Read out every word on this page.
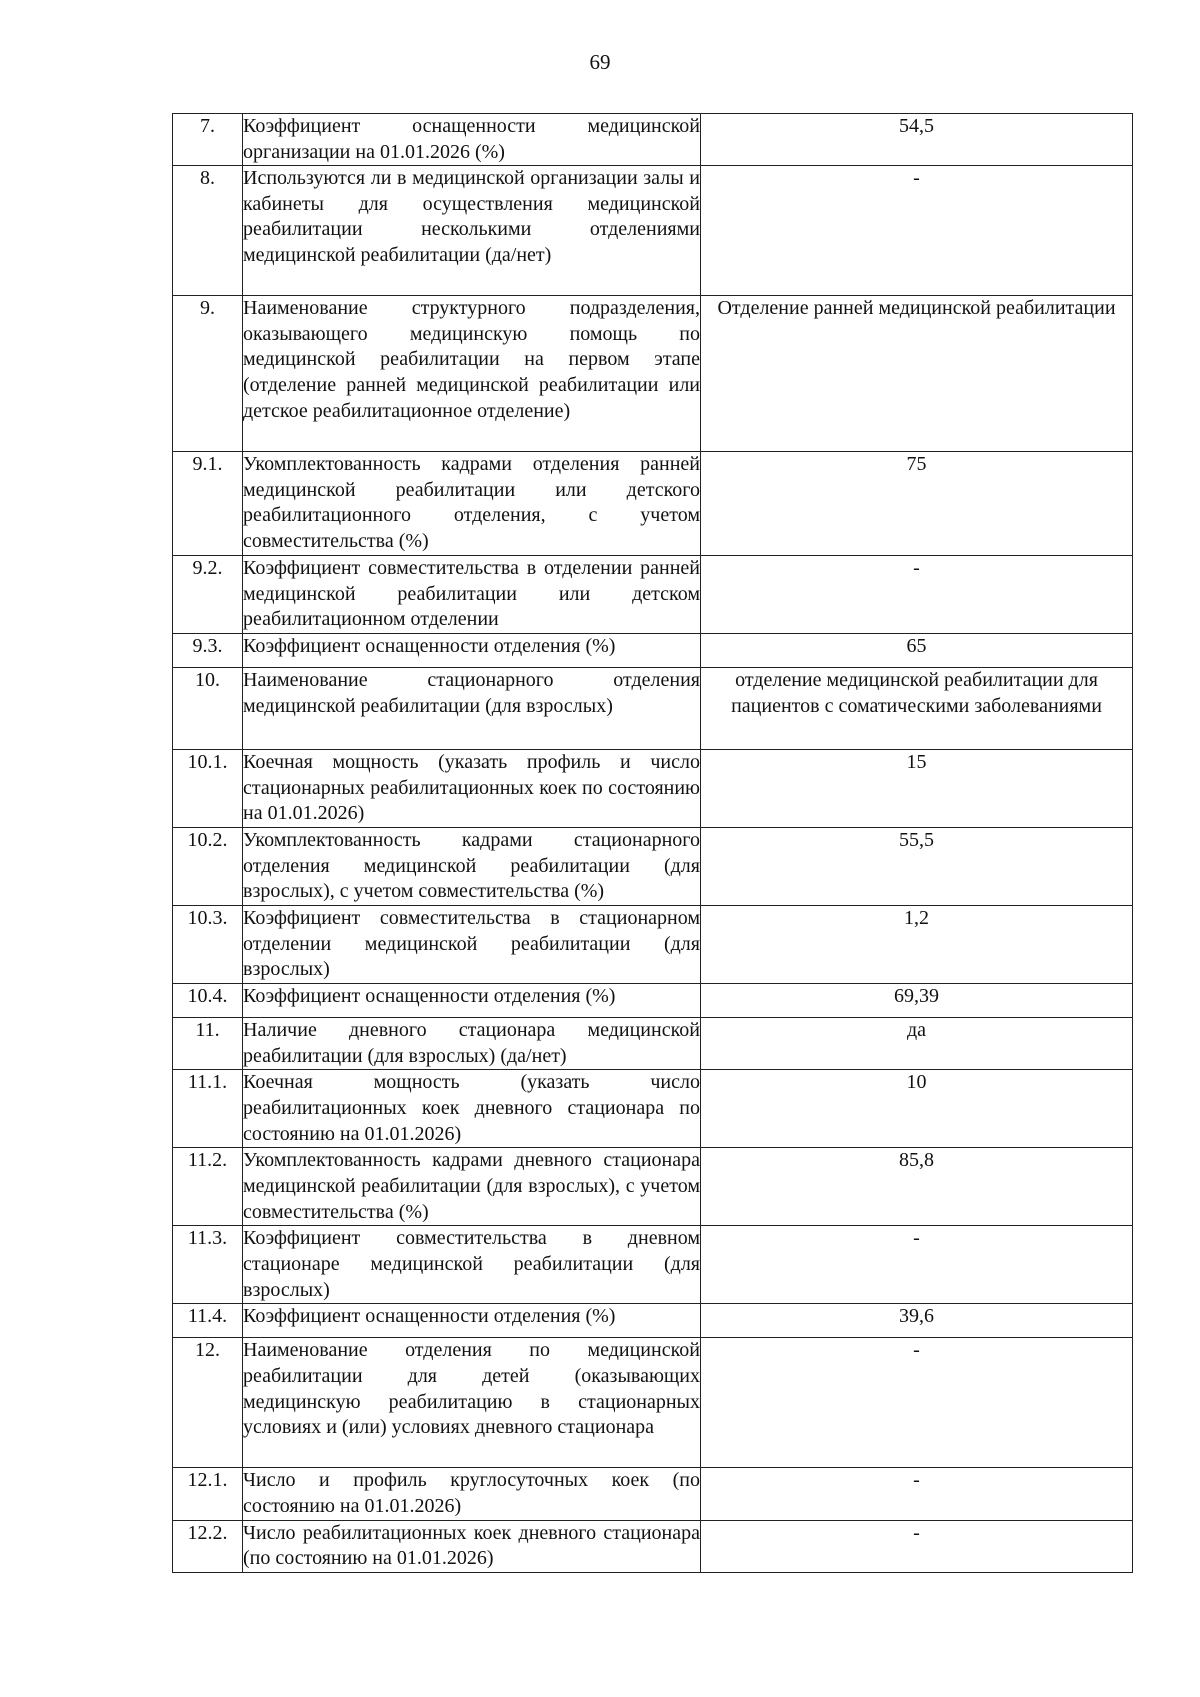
69
7.	Коэффициент оснащенности медицинской организации на 01.01.2026 (%)	54,5
8.	Используются ли в медицинской организации залы и кабинеты для осуществления медицинской реабилитации несколькими отделениями медицинской реабилитации (да/нет)	-
9.	Наименование структурного подразделения, оказывающего медицинскую помощь по медицинской реабилитации на первом этапе (отделение ранней медицинской реабилитации или детское реабилитационное отделение)	Отделение ранней медицинской реабилитации
9.1.	Укомплектованность кадрами отделения ранней медицинской реабилитации или детского реабилитационного отделения, с учетом совместительства (%)	75
9.2.	Коэффициент совместительства в отделении ранней медицинской реабилитации или детском реабилитационном отделении	-
9.3.	Коэффициент оснащенности отделения (%)	65
10.	Наименование стационарного отделения медицинской реабилитации (для взрослых)	отделение медицинской реабилитации для пациентов с соматическими заболеваниями
10.1.	Коечная мощность (указать профиль и число стационарных реабилитационных коек по состоянию на 01.01.2026)	15
10.2.	Укомплектованность кадрами стационарного отделения медицинской реабилитации (для взрослых), с учетом совместительства (%)	55,5
10.3.	Коэффициент совместительства в стационарном отделении медицинской реабилитации (для взрослых)	1,2
10.4.	Коэффициент оснащенности отделения (%)	69,39
11.	Наличие дневного стационара медицинской реабилитации (для взрослых) (да/нет)	да
11.1.	Коечная мощность (указать число реабилитационных коек дневного стационара по состоянию на 01.01.2026)	10
11.2.	Укомплектованность кадрами дневного стационара медицинской реабилитации (для взрослых), с учетом совместительства (%)	85,8
11.3.	Коэффициент совместительства в дневном стационаре медицинской реабилитации (для взрослых)	-
11.4.	Коэффициент оснащенности отделения (%)	39,6
12.	Наименование отделения по медицинской реабилитации для детей (оказывающих медицинскую реабилитацию в стационарных условиях и (или) условиях дневного стационара	-
12.1.	Число и профиль круглосуточных коек (по состоянию на 01.01.2026)	-
12.2.	Число реабилитационных коек дневного стационара (по состоянию на 01.01.2026)	-
